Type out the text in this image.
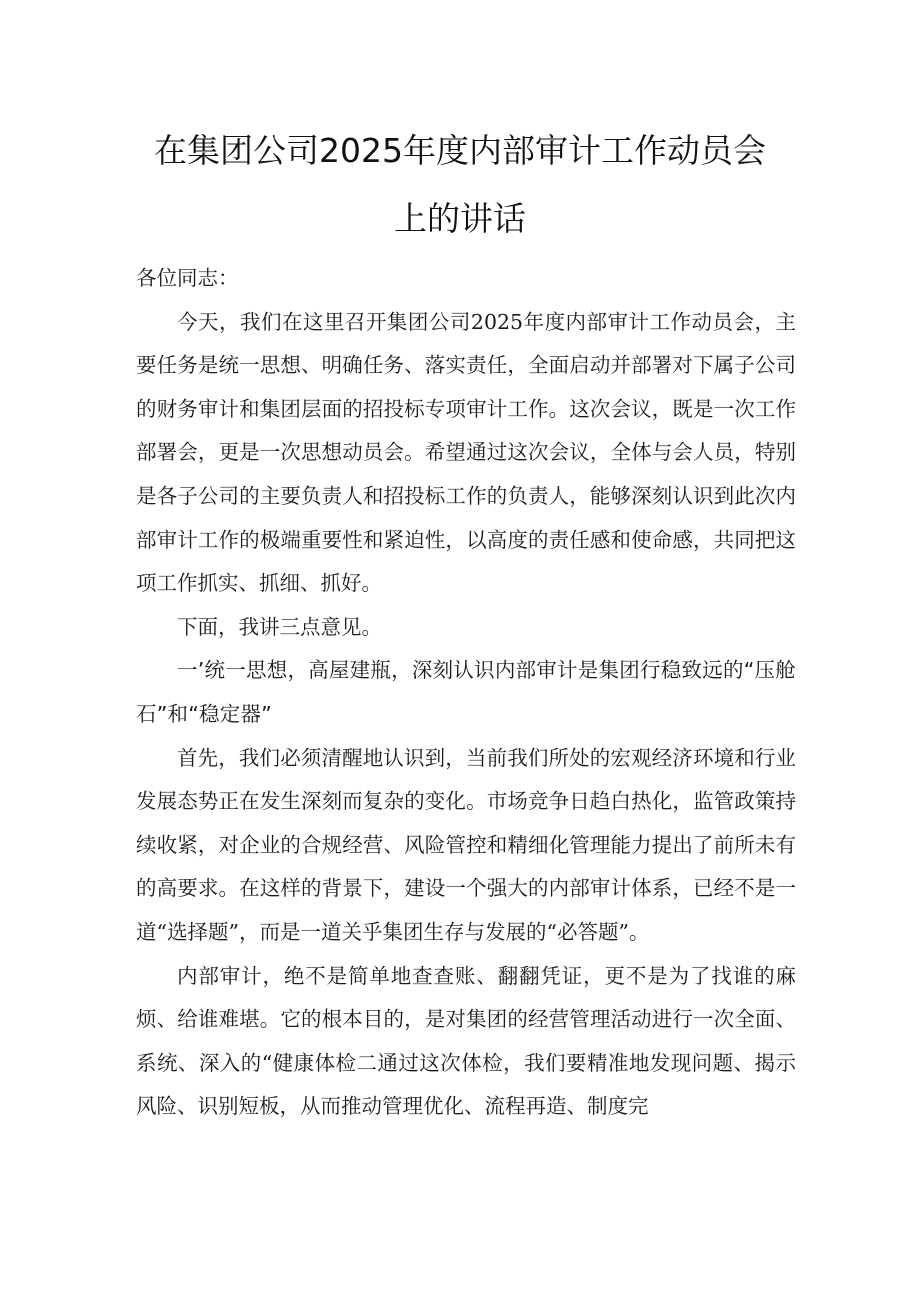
在集团公司2025年度内部审计工作动员会
上的讲话

各位同志：

今天，我们在这里召开集团公司2025年度内部审计工作动员会，主要任务是统一思想、明确任务、落实责任，全面启动并部署对下属子公司的财务审计和集团层面的招投标专项审计工作。这次会议，既是一次工作部署会，更是一次思想动员会。希望通过这次会议，全体与会人员，特别是各子公司的主要负责人和招投标工作的负责人，能够深刻认识到此次内部审计工作的极端重要性和紧迫性，以高度的责任感和使命感，共同把这项工作抓实、抓细、抓好。

下面，我讲三点意见。

一’统一思想，高屋建瓶，深刻认识内部审计是集团行稳致远的“压舱石”和“稳定器”

首先，我们必须清醒地认识到，当前我们所处的宏观经济环境和行业发展态势正在发生深刻而复杂的变化。市场竞争日趋白热化，监管政策持续收紧，对企业的合规经营、风险管控和精细化管理能力提出了前所未有的高要求。在这样的背景下，建设一个强大的内部审计体系，已经不是一道“选择题”，而是一道关乎集团生存与发展的“必答题”。

内部审计，绝不是简单地查查账、翻翻凭证，更不是为了找谁的麻烦、给谁难堪。它的根本目的，是对集团的经营管理活动进行一次全面、系统、深入的“健康体检二通过这次体检，我们要精准地发现问题、揭示风险、识别短板，从而推动管理优化、流程再造、制度完
